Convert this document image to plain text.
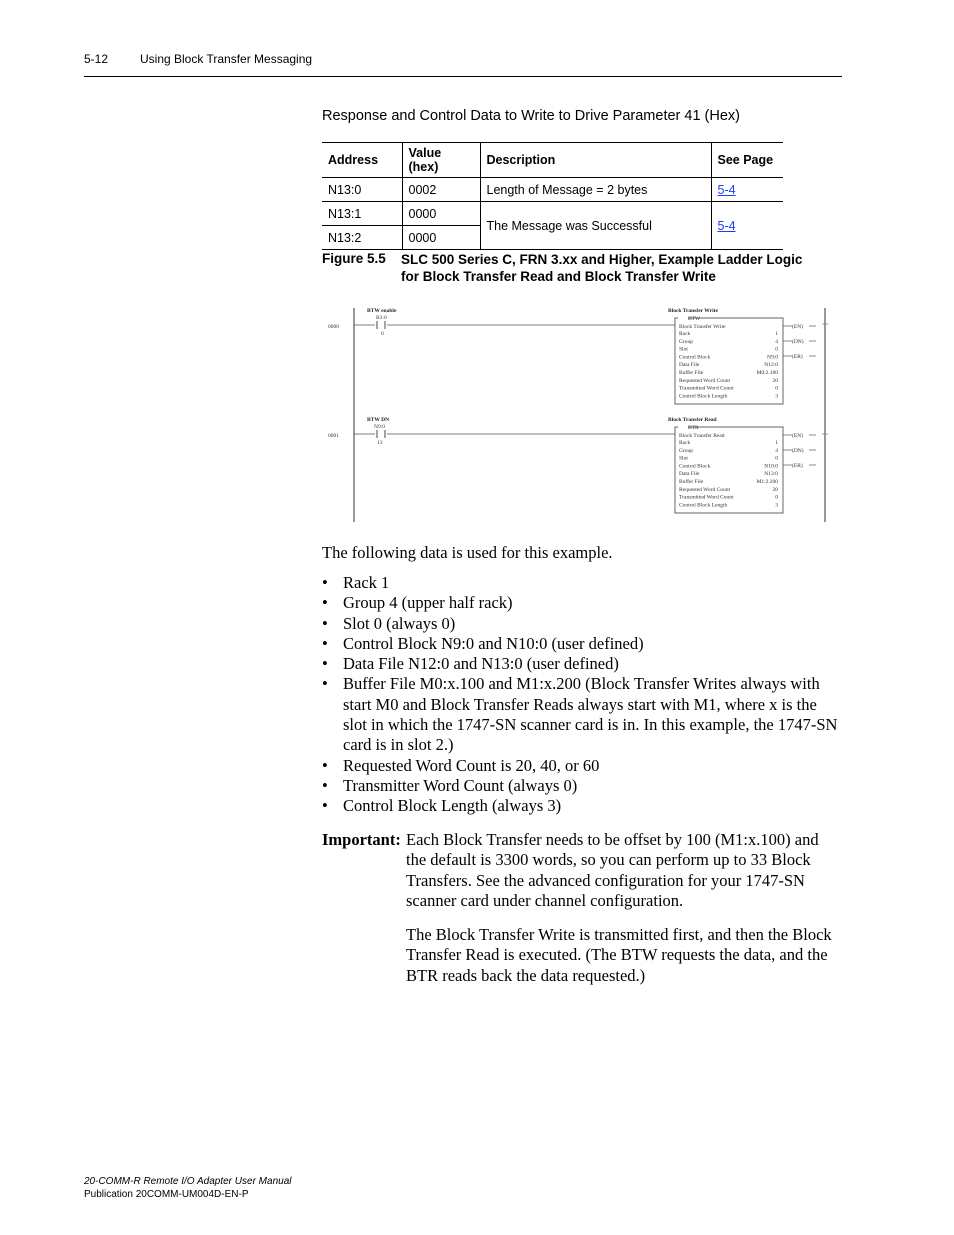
5-12	Using Block Transfer Messaging
Response and Control Data to Write to Drive Parameter 41 (Hex)
Address	Value (hex)	Description	See Page
N13:0	0002	Length of Message = 2 bytes	5-4
N13:1	0000	The Message was Successful	5-4
N13:2	0000		
Figure 5.5 SLC 500 Series C, FRN 3.xx and Higher, Example Ladder Logic for Block Transfer Read and Block Transfer Write
0000
BTW enable
B3:0
0
Block Transfer Write
BTW
Block Transfer Write
Rack	1
Group	4
Slot	0
Control Block	N9:0
Data File	N12:0
Buffer File	M0:2.100
Requested Word Count	20
Transmitted Word Count	0
Control Block Length	3
(EN)
(DN)
(ER)
0001
BTW DN
N9:0
13
Block Transfer Read
BTR
Block Transfer Read
Rack	1
Group	4
Slot	0
Control Block	N10:0
Data File	N13:0
Buffer File	M1:2.200
Requested Word Count	20
Transmitted Word Count	0
Control Block Length	3
(EN)
(DN)
(ER)
The following data is used for this example.
• Rack 1
• Group 4 (upper half rack)
• Slot 0 (always 0)
• Control Block N9:0 and N10:0 (user defined)
• Data File N12:0 and N13:0 (user defined)
• Buffer File M0:x.100 and M1:x.200 (Block Transfer Writes always with start M0 and Block Transfer Reads always start with M1, where x is the slot in which the 1747-SN scanner card is in. In this example, the 1747-SN card is in slot 2.)
• Requested Word Count is 20, 40, or 60
• Transmitter Word Count (always 0)
• Control Block Length (always 3)
Important: Each Block Transfer needs to be offset by 100 (M1:x.100) and the default is 3300 words, so you can perform up to 33 Block Transfers. See the advanced configuration for your 1747-SN scanner card under channel configuration.

The Block Transfer Write is transmitted first, and then the Block Transfer Read is executed. (The BTW requests the data, and the BTR reads back the data requested.)

20-COMM-R Remote I/O Adapter User Manual
Publication 20COMM-UM004D-EN-P
